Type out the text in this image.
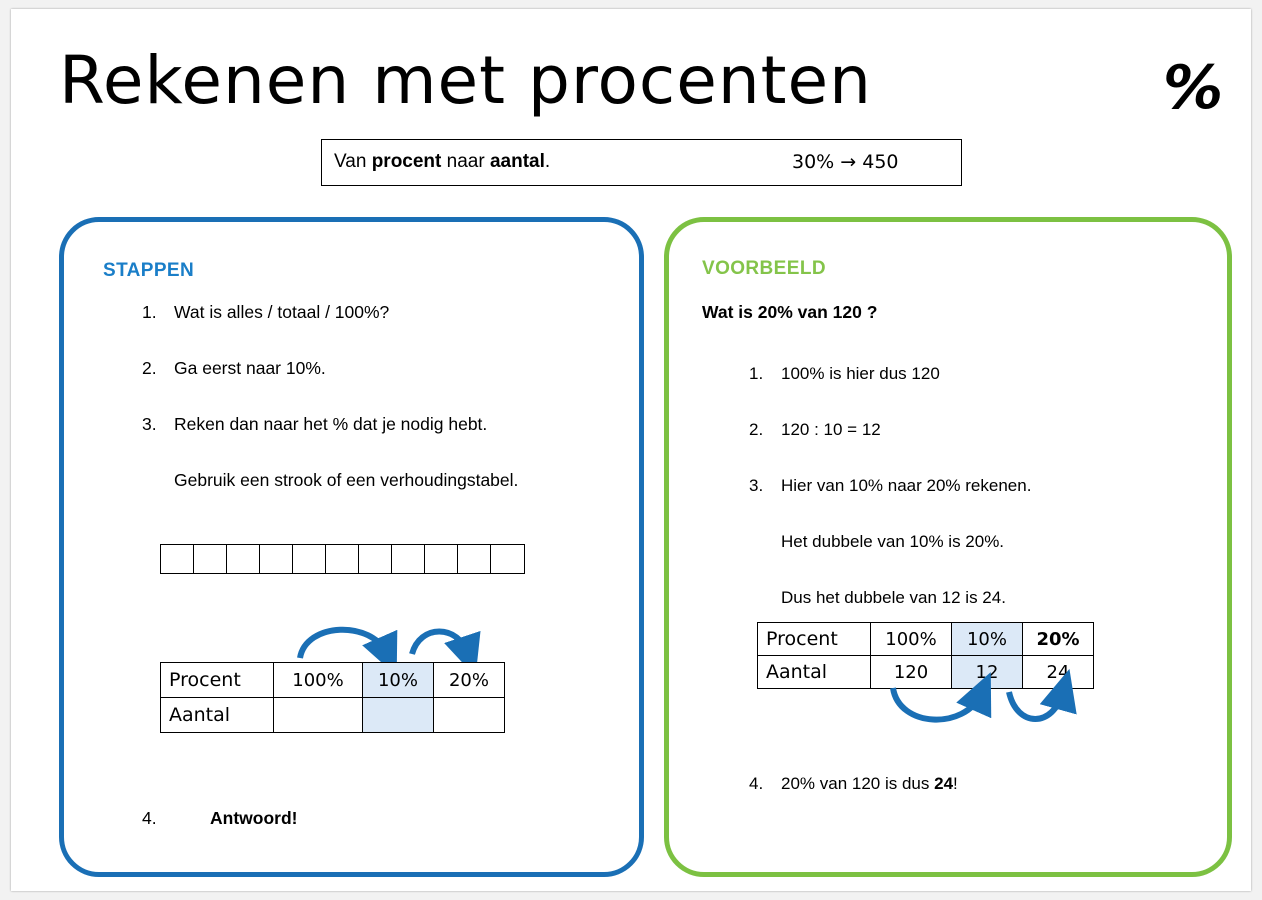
Rekenen met procenten	%
Van procent naar aantal.	30% → 450
STAPPEN
1. Wat is alles / totaal / 100%?
2. Ga eerst naar 10%.
3. Reken dan naar het % dat je nodig hebt.
Gebruik een strook of een verhoudingstabel.
Procent	100%	10%	20%
Aantal			
4.	Antwoord!
VOORBEELD
Wat is 20% van 120 ?
1. 100% is hier dus 120
2. 120 : 10 = 12
3. Hier van 10% naar 20% rekenen.
Het dubbele van 10% is 20%.
Dus het dubbele van 12 is 24.
Procent	100%	10%	20%
Aantal	120	12	24
4. 20% van 120 is dus 24!
